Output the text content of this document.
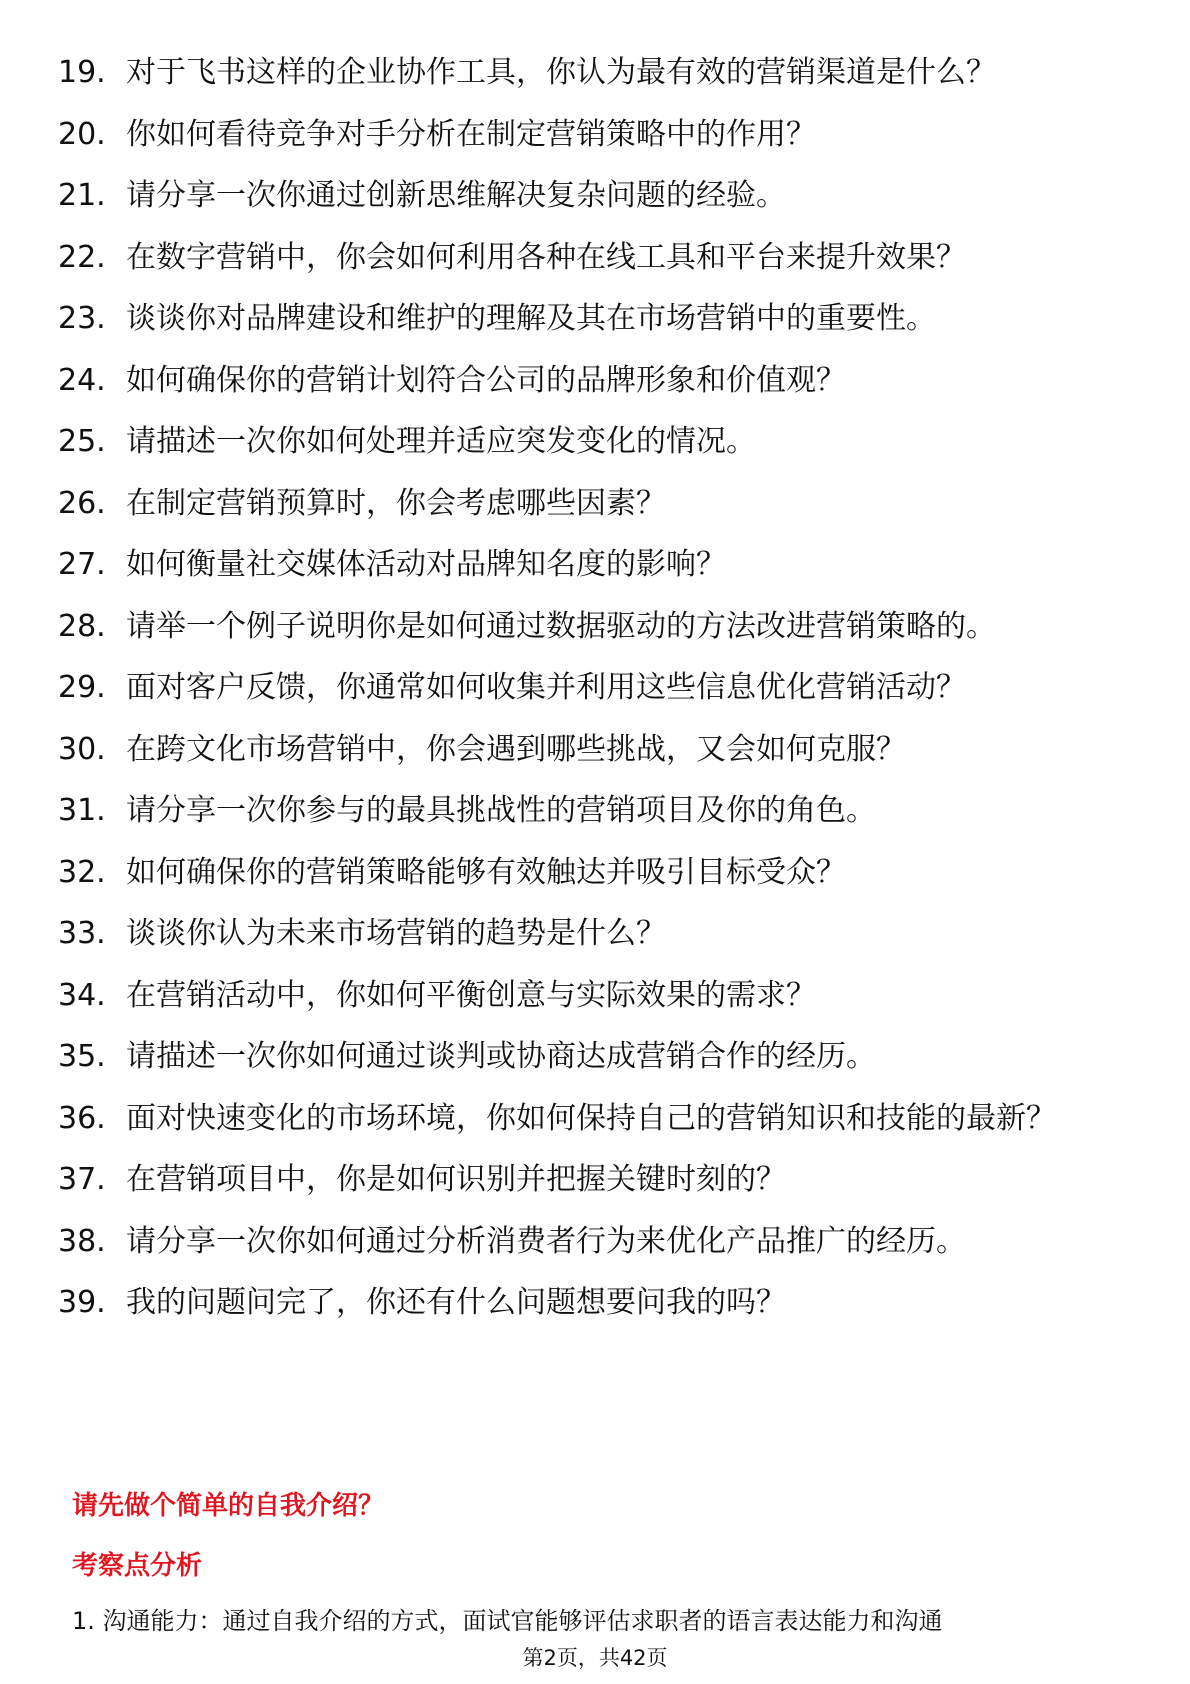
19. 对于飞书这样的企业协作工具，你认为最有效的营销渠道是什么？
20. 你如何看待竞争对手分析在制定营销策略中的作用？
21. 请分享一次你通过创新思维解决复杂问题的经验。
22. 在数字营销中，你会如何利用各种在线工具和平台来提升效果？
23. 谈谈你对品牌建设和维护的理解及其在市场营销中的重要性。
24. 如何确保你的营销计划符合公司的品牌形象和价值观？
25. 请描述一次你如何处理并适应突发变化的情况。
26. 在制定营销预算时，你会考虑哪些因素？
27. 如何衡量社交媒体活动对品牌知名度的影响？
28. 请举一个例子说明你是如何通过数据驱动的方法改进营销策略的。
29. 面对客户反馈，你通常如何收集并利用这些信息优化营销活动？
30. 在跨文化市场营销中，你会遇到哪些挑战，又会如何克服？
31. 请分享一次你参与的最具挑战性的营销项目及你的角色。
32. 如何确保你的营销策略能够有效触达并吸引目标受众？
33. 谈谈你认为未来市场营销的趋势是什么？
34. 在营销活动中，你如何平衡创意与实际效果的需求？
35. 请描述一次你如何通过谈判或协商达成营销合作的经历。
36. 面对快速变化的市场环境，你如何保持自己的营销知识和技能的最新？
37. 在营销项目中，你是如何识别并把握关键时刻的？
38. 请分享一次你如何通过分析消费者行为来优化产品推广的经历。
39. 我的问题问完了，你还有什么问题想要问我的吗？
请先做个简单的自我介绍？
考察点分析
1. 沟通能力：通过自我介绍的方式，面试官能够评估求职者的语言表达能力和沟通
第2页，共42页
